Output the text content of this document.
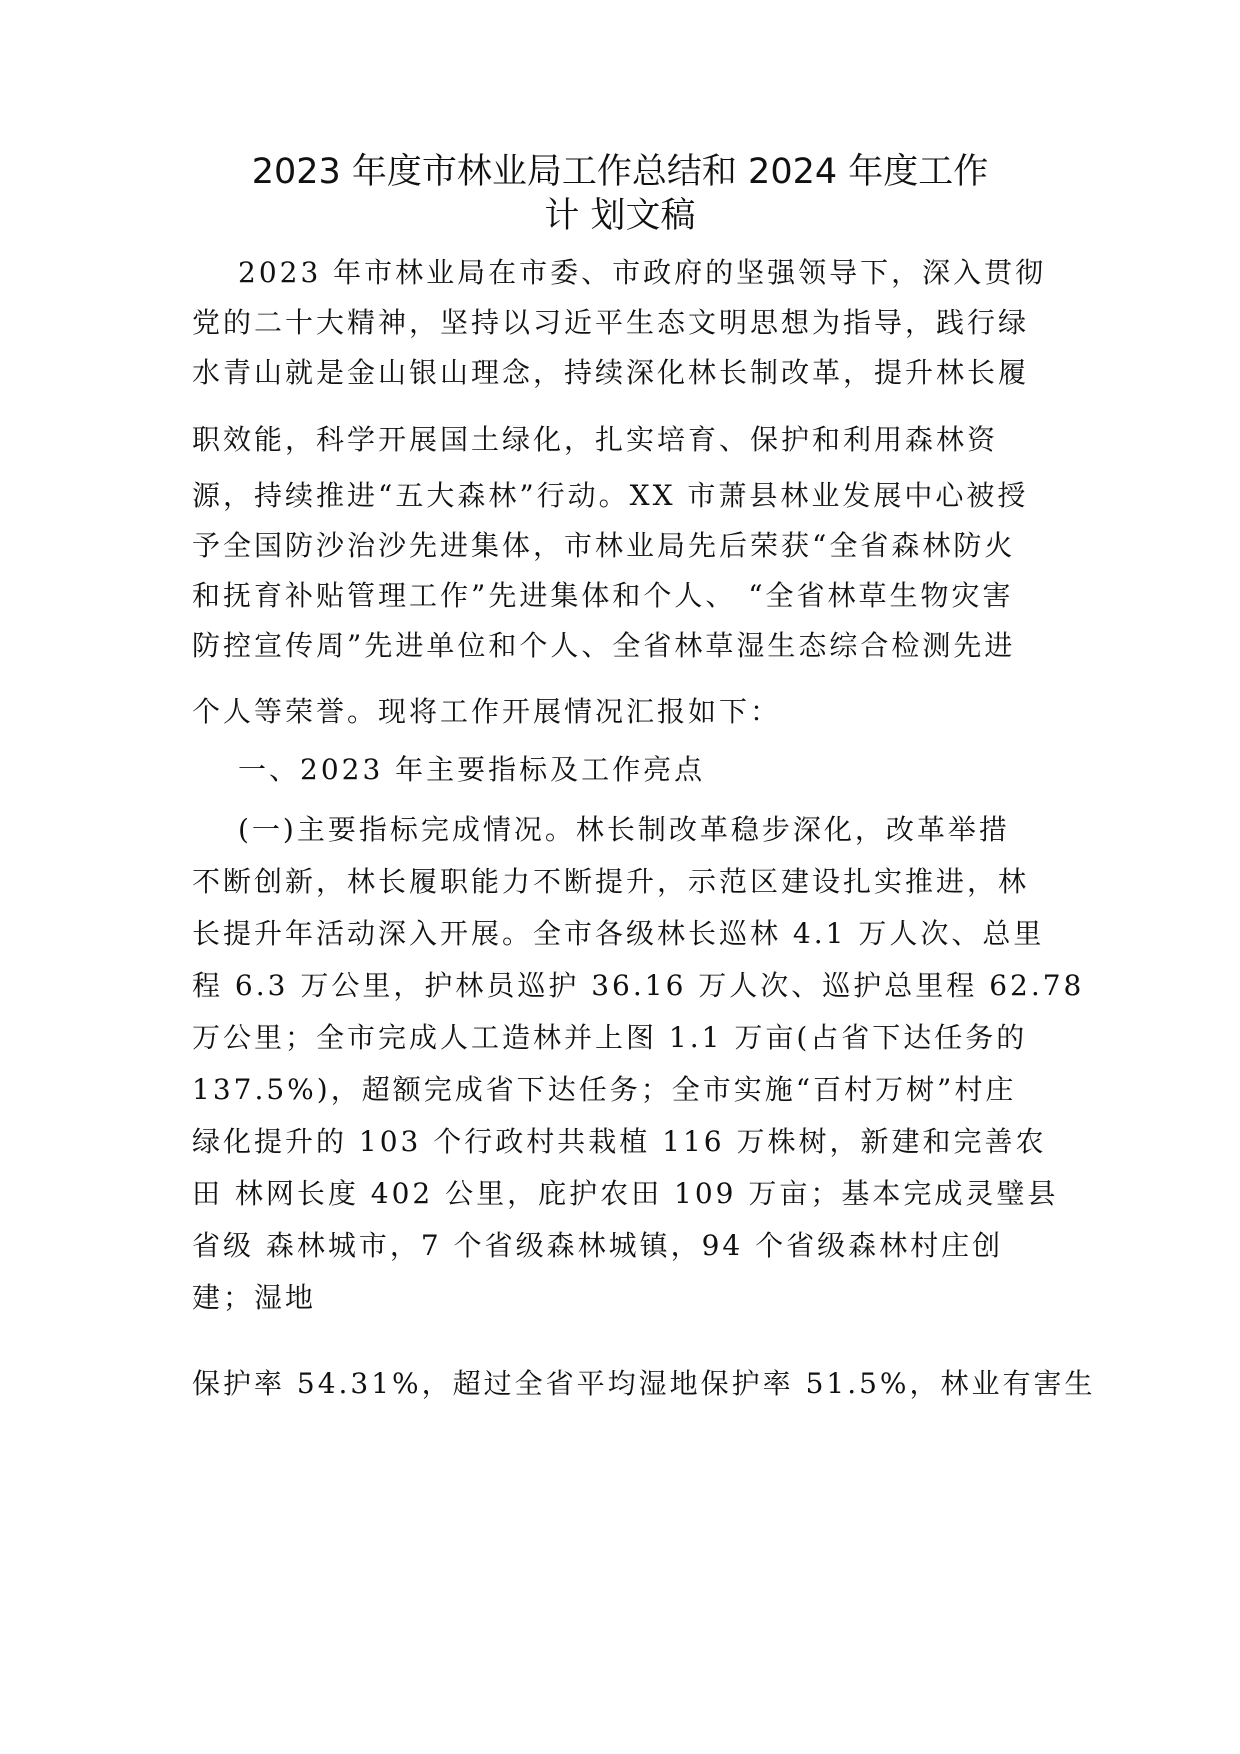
2023 年度市林业局工作总结和 2024 年度工作
计 划文稿
2023 年市林业局在市委、市政府的坚强领导下，深入贯彻
党的二十大精神，坚持以习近平生态文明思想为指导，践行绿
水青山就是金山银山理念，持续深化林长制改革，提升林长履
职效能，科学开展国土绿化，扎实培育、保护和利用森林资
源，持续推进“五大森林”行动。XX 市萧县林业发展中心被授
予全国防沙治沙先进集体，市林业局先后荣获“全省森林防火
和抚育补贴管理工作”先进集体和个人、 “全省林草生物灾害
防控宣传周”先进单位和个人、全省林草湿生态综合检测先进
个人等荣誉。现将工作开展情况汇报如下：
一、2023 年主要指标及工作亮点
(一)主要指标完成情况。林长制改革稳步深化，改革举措
不断创新，林长履职能力不断提升，示范区建设扎实推进，林
长提升年活动深入开展。全市各级林长巡林 4.1 万人次、总里
程 6.3 万公里，护林员巡护 36.16 万人次、巡护总里程 62.78
万公里；全市完成人工造林并上图 1.1 万亩(占省下达任务的
137.5%)，超额完成省下达任务；全市实施“百村万树”村庄
绿化提升的 103 个行政村共栽植 116 万株树，新建和完善农
田 林网长度 402 公里，庇护农田 109 万亩；基本完成灵璧县
省级 森林城市，7 个省级森林城镇，94 个省级森林村庄创
建；湿地
保护率 54.31%，超过全省平均湿地保护率 51.5%，林业有害生
